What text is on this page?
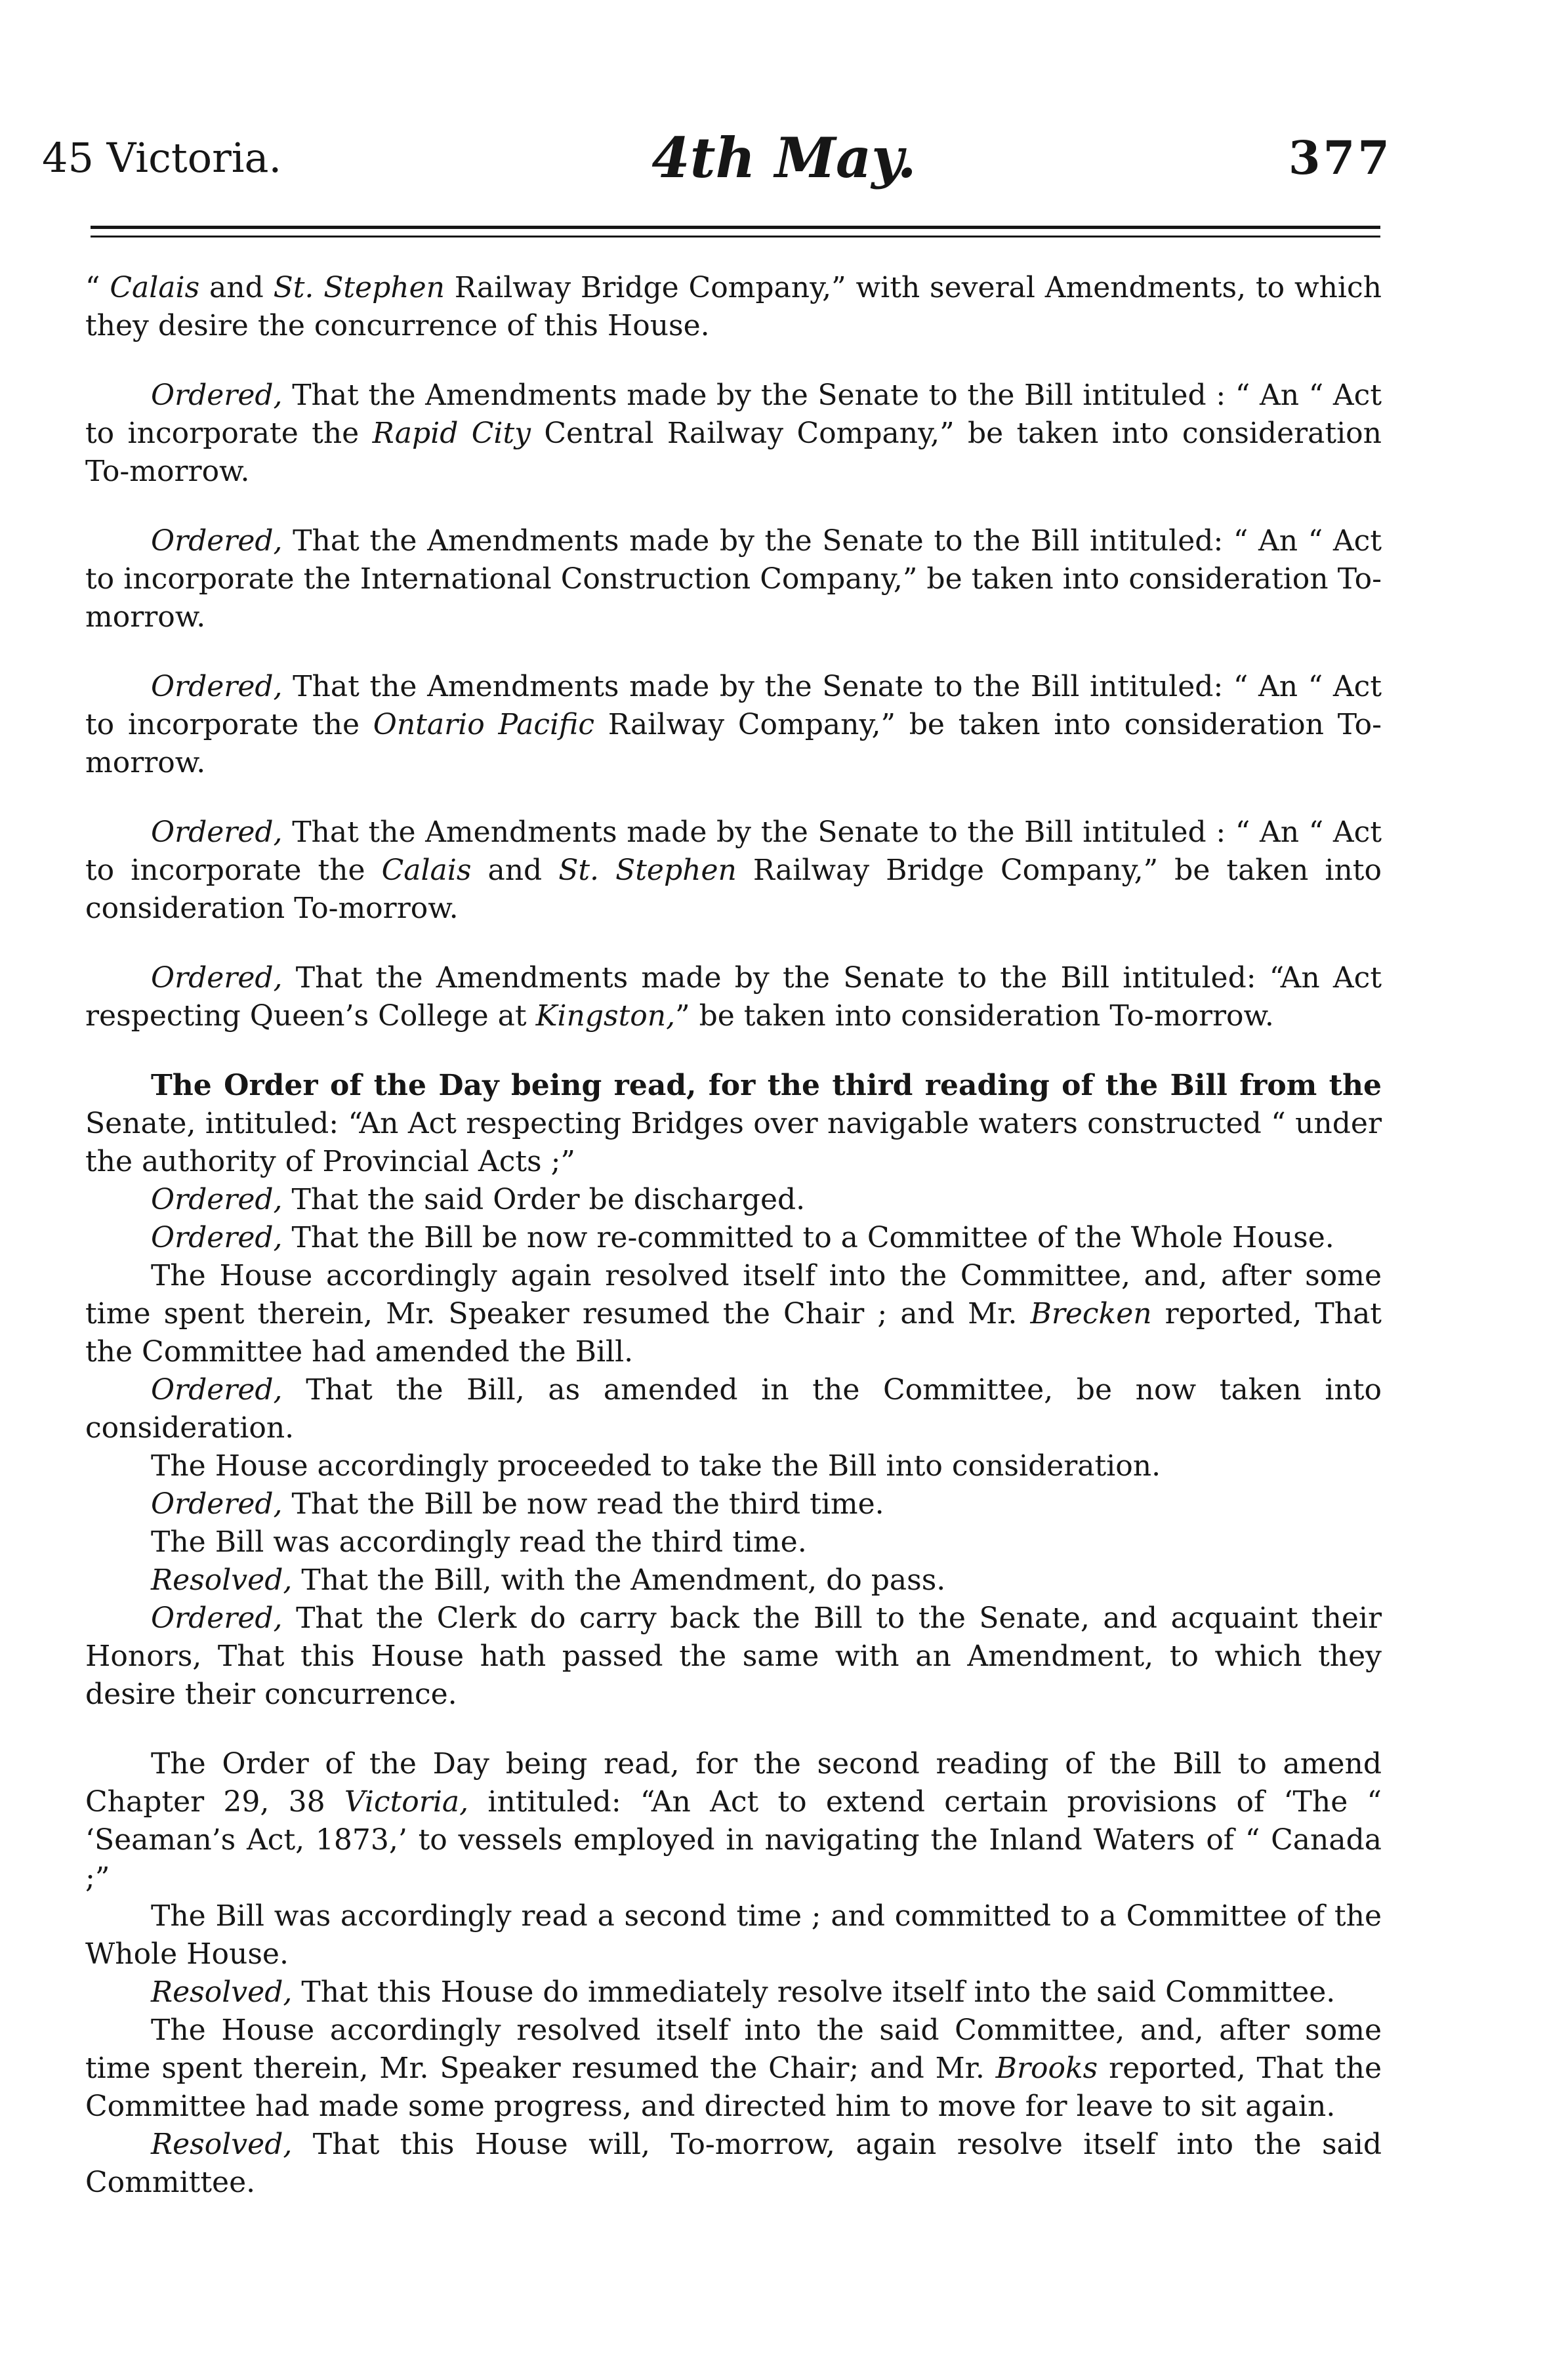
45 Victoria.	4th May.	377

“ Calais and St. Stephen Railway Bridge Company,” with several Amendments, to which they desire the concurrence of this House.

Ordered, That the Amendments made by the Senate to the Bill intituled : “ An “ Act to incorporate the Rapid City Central Railway Company,” be taken into consideration To-morrow.

Ordered, That the Amendments made by the Senate to the Bill intituled: “ An “ Act to incorporate the International Construction Company,” be taken into consideration To-morrow.

Ordered, That the Amendments made by the Senate to the Bill intituled: “ An “ Act to incorporate the Ontario Pacific Railway Company,” be taken into consideration To-morrow.

Ordered, That the Amendments made by the Senate to the Bill intituled : “ An “ Act to incorporate the Calais and St. Stephen Railway Bridge Company,” be taken into consideration To-morrow.

Ordered, That the Amendments made by the Senate to the Bill intituled: “An Act respecting Queen’s College at Kingston,” be taken into consideration To-morrow.

The Order of the Day being read, for the third reading of the Bill from the Senate, intituled: “An Act respecting Bridges over navigable waters constructed “ under the authority of Provincial Acts ;”

Ordered, That the said Order be discharged.

Ordered, That the Bill be now re-committed to a Committee of the Whole House.

The House accordingly again resolved itself into the Committee, and, after some time spent therein, Mr. Speaker resumed the Chair ; and Mr. Brecken reported, That the Committee had amended the Bill.

Ordered, That the Bill, as amended in the Committee, be now taken into consideration.

The House accordingly proceeded to take the Bill into consideration.

Ordered, That the Bill be now read the third time.

The Bill was accordingly read the third time.

Resolved, That the Bill, with the Amendment, do pass.

Ordered, That the Clerk do carry back the Bill to the Senate, and acquaint their Honors, That this House hath passed the same with an Amendment, to which they desire their concurrence.

The Order of the Day being read, for the second reading of the Bill to amend Chapter 29, 38 Victoria, intituled: “An Act to extend certain provisions of ‘The “ ‘Seaman’s Act, 1873,’ to vessels employed in navigating the Inland Waters of “ Canada ;”

The Bill was accordingly read a second time ; and committed to a Committee of the Whole House.

Resolved, That this House do immediately resolve itself into the said Committee.

The House accordingly resolved itself into the said Committee, and, after some time spent therein, Mr. Speaker resumed the Chair; and Mr. Brooks reported, That the Committee had made some progress, and directed him to move for leave to sit again.

Resolved, That this House will, To-morrow, again resolve itself into the said Committee.
